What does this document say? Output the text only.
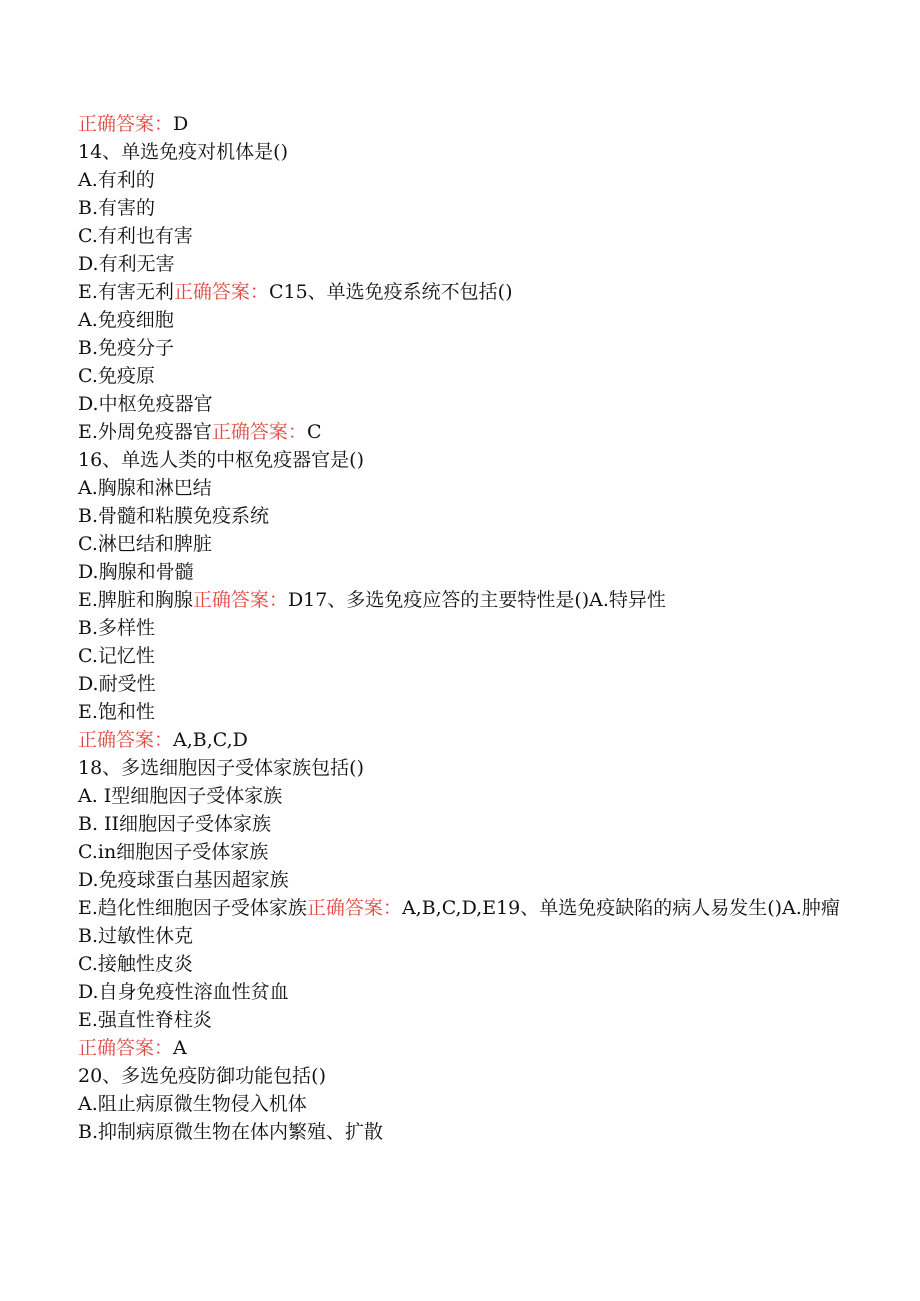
正确答案：D
14、单选免疫对机体是()
A.有利的
B.有害的
C.有利也有害
D.有利无害
E.有害无利正确答案：C15、单选免疫系统不包括()
A.免疫细胞
B.免疫分子
C.免疫原
D.中枢免疫器官
E.外周免疫器官正确答案：C
16、单选人类的中枢免疫器官是()
A.胸腺和淋巴结
B.骨髓和粘膜免疫系统
C.淋巴结和脾脏
D.胸腺和骨髓
E.脾脏和胸腺正确答案：D17、多选免疫应答的主要特性是()A.特异性
B.多样性
C.记忆性
D.耐受性
E.饱和性
正确答案：A,B,C,D
18、多选细胞因子受体家族包括()
A. I型细胞因子受体家族
B. II细胞因子受体家族
C.in细胞因子受体家族
D.免疫球蛋白基因超家族
E.趋化性细胞因子受体家族正确答案：A,B,C,D,E19、单选免疫缺陷的病人易发生()A.肿瘤
B.过敏性休克
C.接触性皮炎
D.自身免疫性溶血性贫血
E.强直性脊柱炎
正确答案：A
20、多选免疫防御功能包括()
A.阻止病原微生物侵入机体
B.抑制病原微生物在体内繁殖、扩散
